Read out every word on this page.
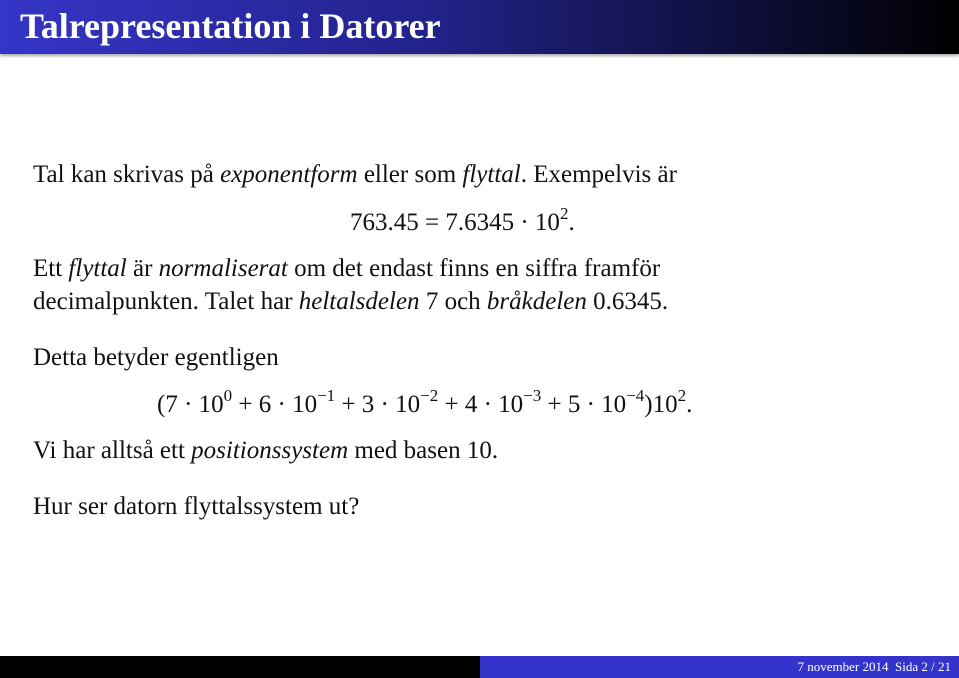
Talrepresentation i Datorer
Tal kan skrivas på exponentform eller som flyttal. Exempelvis är
$763.45 = 7.6345 \cdot 10^2$.
Ett flyttal är normaliserat om det endast finns en siffra framför
decimalpunkten. Talet har heltalsdelen 7 och bråkdelen 0.6345.
Detta betyder egentligen
$(7 \cdot 10^0 + 6 \cdot 10^{-1} + 3 \cdot 10^{-2} + 4 \cdot 10^{-3} + 5 \cdot 10^{-4})10^2$.
Vi har alltså ett positionssystem med basen 10.
Hur ser datorn flyttalssystem ut?
7 november 2014 Sida 2 / 21
